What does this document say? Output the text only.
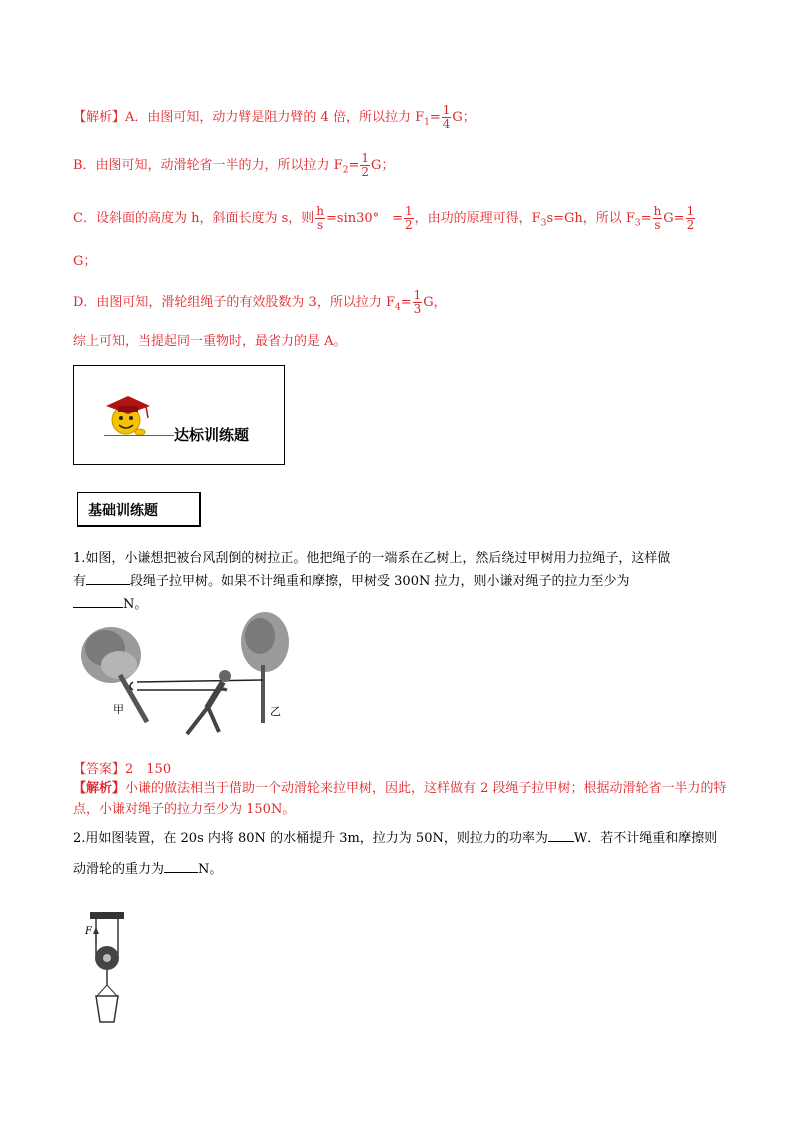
【解析】A．由图可知，动力臂是阻力臂的 4 倍，所以拉力 $F_1= \frac{1}{4}$ G；
B．由图可知，动滑轮省一半的力，所以拉力 $F_2= \frac{1}{2}$ G；
C．设斜面的高度为 h，斜面长度为 s，则 $\frac{h}{s} =\sin 30^\circ$　= $\frac{1}{2}$ ，由功的原理可得，$F_3s=Gh$，所以 $F_3= \frac{h}{s} G= \frac{1}{2}$
G；
D．由图可知，滑轮组绳子的有效股数为 3，所以拉力 $F_4= \frac{1}{3}$ G，
综上可知，当提起同一重物时，最省力的是 A。
达标训练题
基础训练题
1.如图，小谦想把被台风刮倒的树拉正。他把绳子的一端系在乙树上，然后绕过甲树用力拉绳子，这样做
有	段绳子拉甲树。如果不计绳重和摩擦，甲树受 300N 拉力，则小谦对绳子的拉力至少为
N。
甲	乙
【答案】2　150
【解析】小谦的做法相当于借助一个动滑轮来拉甲树，因此，这样做有 2 段绳子拉甲树；根据动滑轮省一半力的特点，小谦对绳子的拉力至少为 150N。
2.用如图装置，在 20s 内将 80N 的水桶提升 3m，拉力为 50N，则拉力的功率为 W．若不计绳重和摩擦则
动滑轮的重力为	N。
F
